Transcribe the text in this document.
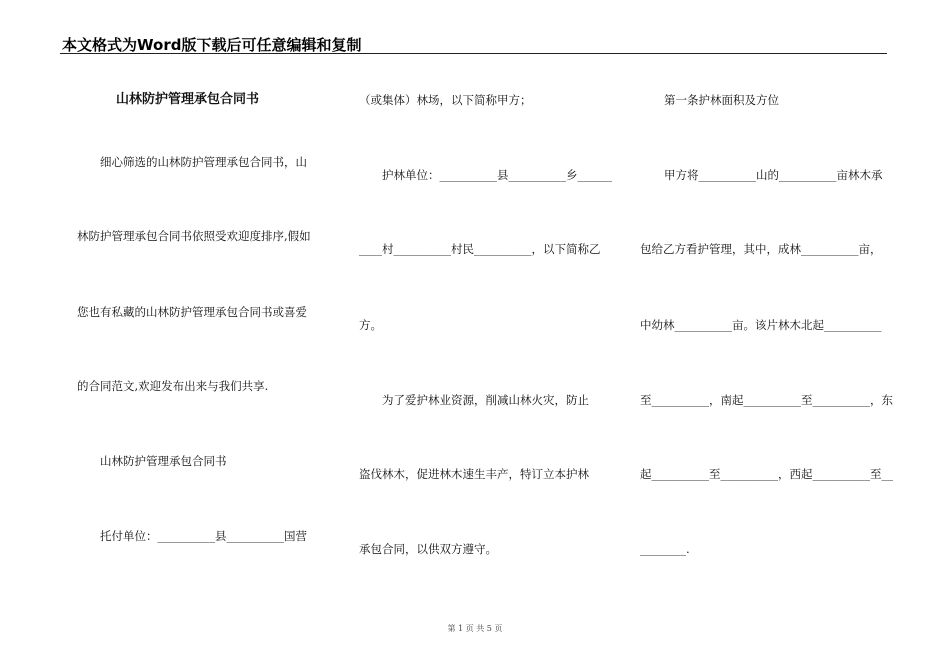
本文格式为Word版下载后可任意编辑和复制
山林防护管理承包合同书
细心筛选的山林防护管理承包合同书，山
林防护管理承包合同书依照受欢迎度排序,假如
您也有私藏的山林防护管理承包合同书或喜爱
的合同范文,欢迎发布出来与我们共享.
山林防护管理承包合同书
托付单位：__________县__________国营
（或集体）林场，以下简称甲方；
护林单位：__________县__________乡______
____村__________村民__________，以下简称乙
方。
为了爱护林业资源，削减山林火灾，防止
盗伐林木，促进林木速生丰产，特订立本护林
承包合同，以供双方遵守。
第一条护林面积及方位
甲方将__________山的__________亩林木承
包给乙方看护管理，其中，成林__________亩，
中幼林__________亩。该片林木北起__________
至__________，南起__________至__________，东
起__________至__________，西起__________至__
________.
第 1 页 共 5 页
